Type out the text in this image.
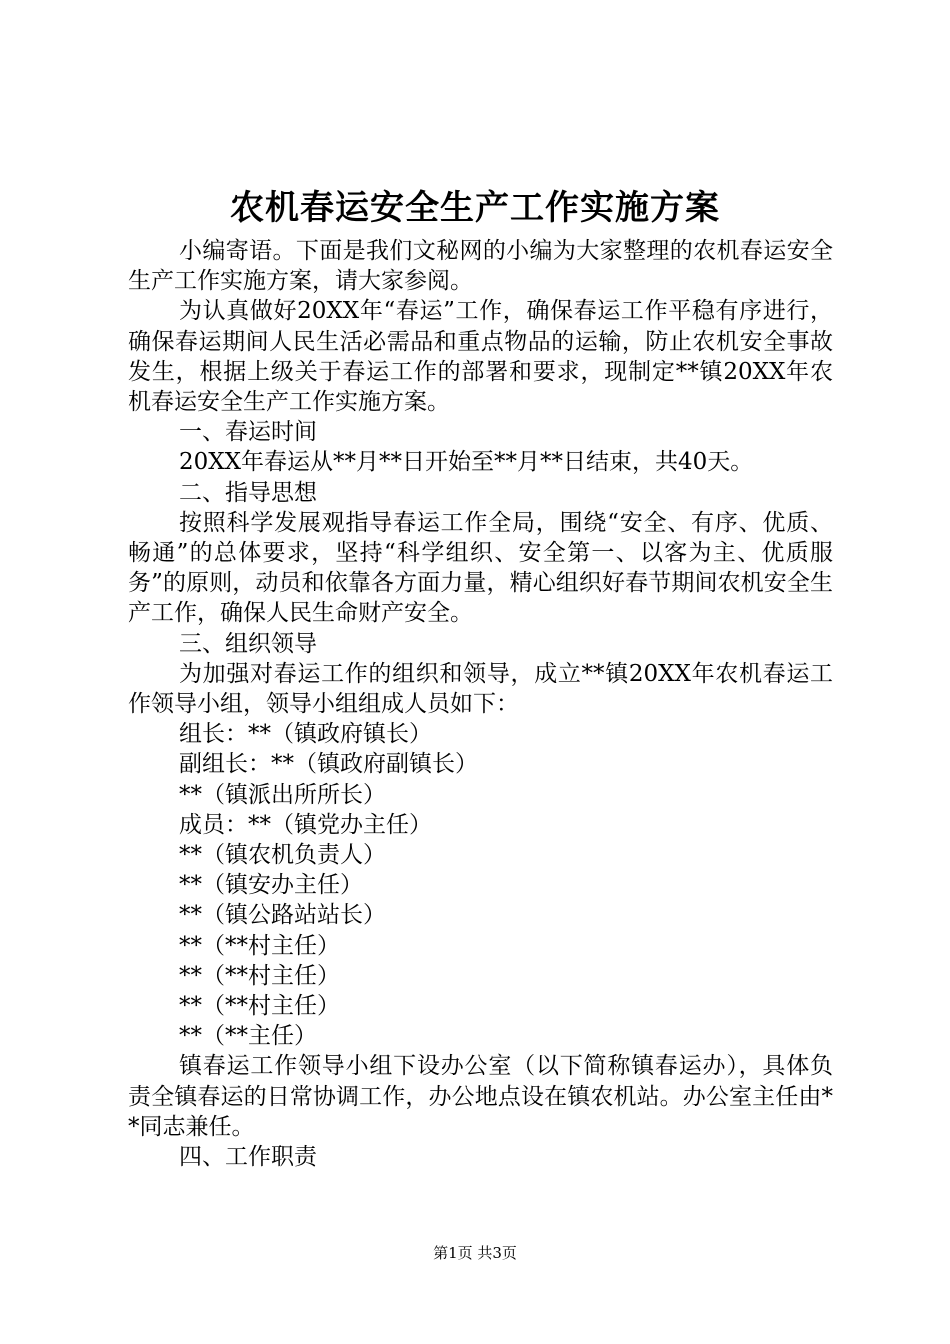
农机春运安全生产工作实施方案

小编寄语。下面是我们文秘网的小编为大家整理的农机春运安全生产工作实施方案，请大家参阅。

为认真做好20XX年“春运”工作，确保春运工作平稳有序进行，确保春运期间人民生活必需品和重点物品的运输，防止农机安全事故发生，根据上级关于春运工作的部署和要求，现制定**镇20XX年农机春运安全生产工作实施方案。

一、春运时间

20XX年春运从**月**日开始至**月**日结束，共40天。

二、指导思想

按照科学发展观指导春运工作全局，围绕“安全、有序、优质、畅通”的总体要求，坚持“科学组织、安全第一、以客为主、优质服务”的原则，动员和依靠各方面力量，精心组织好春节期间农机安全生产工作，确保人民生命财产安全。

三、组织领导

为加强对春运工作的组织和领导，成立**镇20XX年农机春运工作领导小组，领导小组组成人员如下：

组长：**（镇政府镇长）

副组长：**（镇政府副镇长）

**（镇派出所所长）

成员：**（镇党办主任）

**（镇农机负责人）

**（镇安办主任）

**（镇公路站站长）

**（**村主任）

**（**村主任）

**（**村主任）

**（**主任）

镇春运工作领导小组下设办公室（以下简称镇春运办），具体负责全镇春运的日常协调工作，办公地点设在镇农机站。办公室主任由**同志兼任。

四、工作职责

第1页 共3页
